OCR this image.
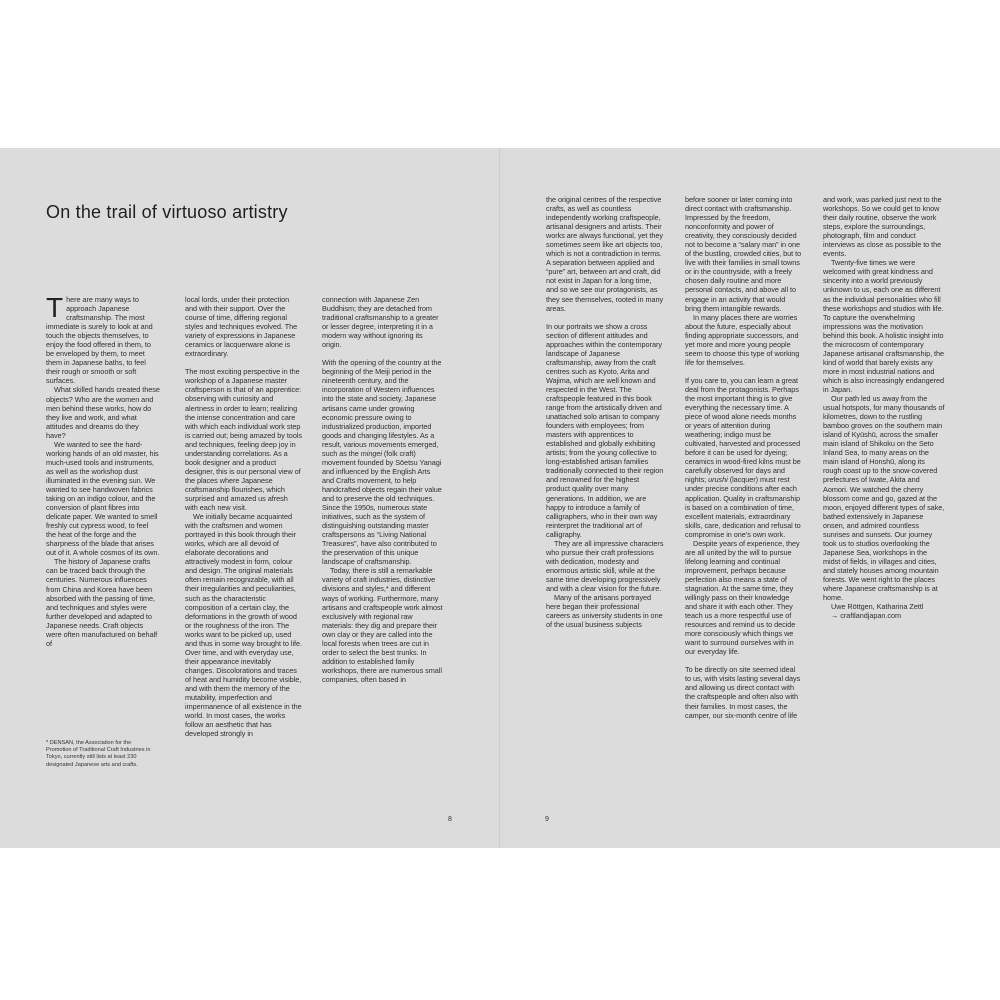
On the trail of virtuoso artistry

There are many ways to approach Japanese craftsmanship. The most immediate is surely to look at and touch the objects themselves, to enjoy the food offered in them, to be enveloped by them, to meet them in Japanese baths, to feel their rough or smooth or soft surfaces.

What skilled hands created these objects? Who are the women and men behind these works, how do they live and work, and what attitudes and dreams do they have?

We wanted to see the hard-working hands of an old master, his much-used tools and instruments, as well as the workshop dust illuminated in the evening sun. We wanted to see handwoven fabrics taking on an indigo colour, and the conversion of plant fibres into delicate paper. We wanted to smell freshly cut cypress wood, to feel the heat of the forge and the sharpness of the blade that arises out of it. A whole cosmos of its own.

The history of Japanese crafts can be traced back through the centuries. Numerous influences from China and Korea have been absorbed with the passing of time, and techniques and styles were further developed and adapted to Japanese needs. Craft objects were often manufactured on behalf of

local lords, under their protection and with their support. Over the course of time, differing regional styles and techniques evolved. The variety of expressions in Japanese ceramics or lacquerware alone is extraordinary.

The most exciting perspective in the workshop of a Japanese master craftsperson is that of an apprentice: observing with curiosity and alertness in order to learn; realizing the intense concentration and care with which each individual work step is carried out; being amazed by tools and techniques, feeling deep joy in understanding correlations. As a book designer and a product designer, this is our personal view of the places where Japanese craftsmanship flourishes, which surprised and amazed us afresh with each new visit.

We initially became acquainted with the craftsmen and women portrayed in this book through their works, which are all devoid of elaborate decorations and attractively modest in form, colour and design. The original materials often remain recognizable, with all their irregularities and peculiarities, such as the characteristic composition of a certain clay, the deformations in the growth of wood or the roughness of the iron. The works want to be picked up, used and thus in some way brought to life. Over time, and with everyday use, their appearance inevitably changes. Discolorations and traces of heat and humidity become visible, and with them the memory of the mutability, imperfection and impermanence of all existence in the world. In most cases, the works follow an aesthetic that has developed strongly in

connection with Japanese Zen Buddhism; they are detached from traditional craftsmanship to a greater or lesser degree, interpreting it in a modern way without ignoring its origin.

With the opening of the country at the beginning of the Meiji period in the nineteenth century, and the incorporation of Western influences into the state and society, Japanese artisans came under growing economic pressure owing to industrialized production, imported goods and changing lifestyles. As a result, various movements emerged, such as the mingei (folk craft) movement founded by Sōetsu Yanagi and influenced by the English Arts and Crafts movement, to help handcrafted objects regain their value and to preserve the old techniques. Since the 1950s, numerous state initiatives, such as the system of distinguishing outstanding master craftspersons as “Living National Treasures”, have also contributed to the preservation of this unique landscape of craftsmanship.

Today, there is still a remarkable variety of craft industries, distinctive divisions and styles,* and different ways of working. Furthermore, many artisans and craftspeople work almost exclusively with regional raw materials: they dig and prepare their own clay or they are called into the local forests when trees are cut in order to select the best trunks. In addition to established family workshops, there are numerous small companies, often based in

* DENSAN, the Association for the Promotion of Traditional Craft Industries in Tokyo, currently still lists at least 230 designated Japanese arts and crafts.
8

the original centres of the respective crafts, as well as countless independently working craftspeople, artisanal designers and artists. Their works are always functional, yet they sometimes seem like art objects too, which is not a contradiction in terms. A separation between applied and “pure” art, between art and craft, did not exist in Japan for a long time, and so we see our protagonists, as they see themselves, rooted in many areas.

In our portraits we show a cross section of different attitudes and approaches within the contemporary landscape of Japanese craftsmanship, away from the craft centres such as Kyoto, Arita and Wajima, which are well known and respected in the West. The craftspeople featured in this book range from the artistically driven and unattached solo artisan to company founders with employees; from masters with apprentices to established and globally exhibiting artists; from the young collective to long-established artisan families traditionally connected to their region and renowned for the highest product quality over many generations. In addition, we are happy to introduce a family of calligraphers, who in their own way reinterpret the traditional art of calligraphy.

They are all impressive characters who pursue their craft professions with dedication, modesty and enormous artistic skill, while at the same time developing progressively and with a clear vision for the future.

Many of the artisans portrayed here began their professional careers as university students in one of the usual business subjects

before sooner or later coming into direct contact with craftsmanship. Impressed by the freedom, nonconformity and power of creativity, they consciously decided not to become a “salary man” in one of the bustling, crowded cities, but to live with their families in small towns or in the countryside, with a freely chosen daily routine and more personal contacts, and above all to engage in an activity that would bring them intangible rewards.

In many places there are worries about the future, especially about finding appropriate successors, and yet more and more young people seem to choose this type of working life for themselves.

If you care to, you can learn a great deal from the protagonists. Perhaps the most important thing is to give everything the necessary time. A piece of wood alone needs months or years of attention during weathering; indigo must be cultivated, harvested and processed before it can be used for dyeing; ceramics in wood-fired kilns must be carefully observed for days and nights; urushi (lacquer) must rest under precise conditions after each application. Quality in craftsmanship is based on a combination of time, excellent materials, extraordinary skills, care, dedication and refusal to compromise in one’s own work.

Despite years of experience, they are all united by the will to pursue lifelong learning and continual improvement, perhaps because perfection also means a state of stagnation. At the same time, they willingly pass on their knowledge and share it with each other. They teach us a more respectful use of resources and remind us to decide more consciously which things we want to surround ourselves with in our everyday life.

To be directly on site seemed ideal to us, with visits lasting several days and allowing us direct contact with the craftspeople and often also with their families. In most cases, the camper, our six-month centre of life

and work, was parked just next to the workshops. So we could get to know their daily routine, observe the work steps, explore the surroundings, photograph, film and conduct interviews as close as possible to the events.

Twenty-five times we were welcomed with great kindness and sincerity into a world previously unknown to us, each one as different as the individual personalities who fill these workshops and studios with life. To capture the overwhelming impressions was the motivation behind this book. A holistic insight into the microcosm of contemporary Japanese artisanal craftsmanship, the kind of world that barely exists any more in most industrial nations and which is also increasingly endangered in Japan.

Our path led us away from the usual hotspots, for many thousands of kilometres, down to the rustling bamboo groves on the southern main island of Kyūshū, across the smaller main island of Shikoku on the Seto Inland Sea, to many areas on the main island of Honshū, along its rough coast up to the snow-covered prefectures of Iwate, Akita and Aomori. We watched the cherry blossom come and go, gazed at the moon, enjoyed different types of sake, bathed extensively in Japanese onsen, and admired countless sunrises and sunsets. Our journey took us to studios overlooking the Japanese Sea, workshops in the midst of fields, in villages and cities, and stately houses among mountain forests. We went right to the places where Japanese craftsmanship is at home.

Uwe Röttgen, Katharina Zettl

→ craftlandjapan.com

9
